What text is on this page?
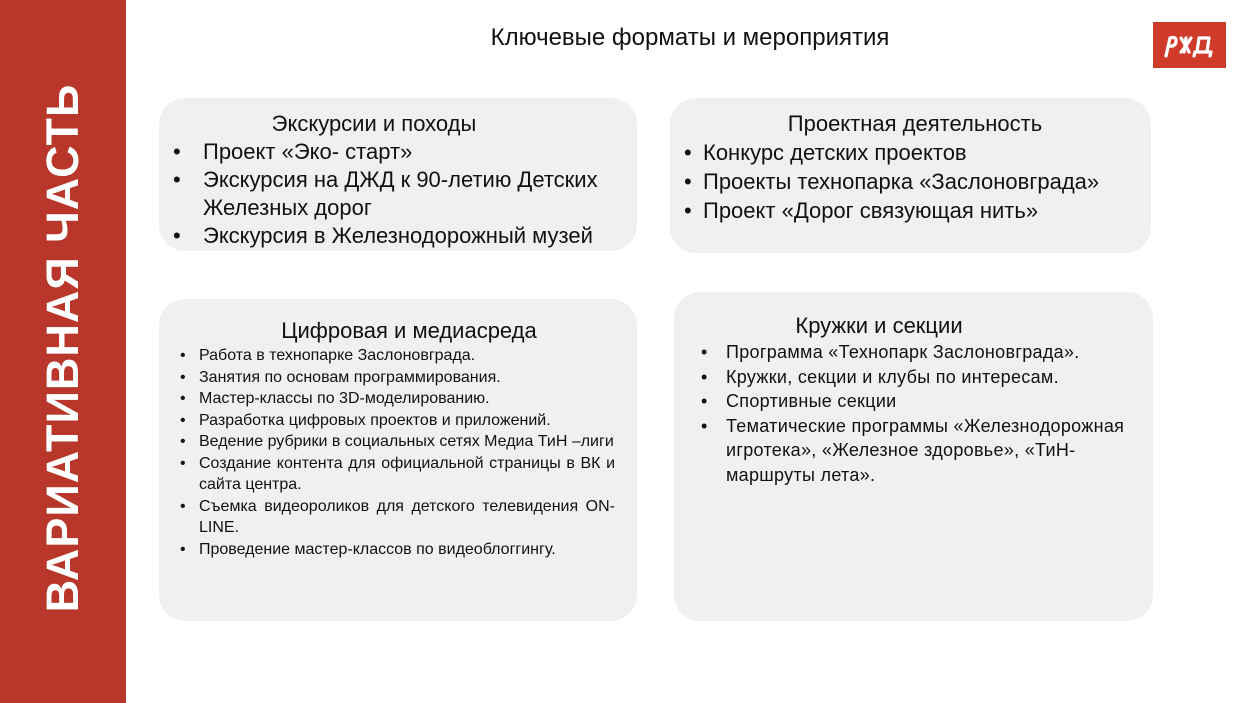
ВАРИАТИВНАЯ ЧАСТЬ
Ключевые форматы и мероприятия
Экскурсии и походы
• Проект «Эко- старт»
• Экскурсия на ДЖД к 90-летию Детских Железных дорог
• Экскурсия в Железнодорожный музей
Проектная деятельность
• Конкурс детских проектов
• Проекты технопарка «Заслоновграда»
• Проект «Дорог связующая нить»
Цифровая и медиасреда
• Работа в технопарке Заслоновграда.
• Занятия по основам программирования.
• Мастер-классы по 3D-моделированию.
• Разработка цифровых проектов и приложений.
• Ведение рубрики в социальных сетях Медиа ТиН –лиги
• Создание контента для официальной страницы в ВК и сайта центра.
• Съемка видеороликов для детского телевидения ON-LINE.
• Проведение мастер-классов по видеоблоггингу.
Кружки и секции
• Программа «Технопарк Заслоновграда».
• Кружки, секции и клубы по интересам.
• Спортивные секции
• Тематические программы «Железнодорожная игротека», «Железное здоровье», «ТиН-маршруты лета».
